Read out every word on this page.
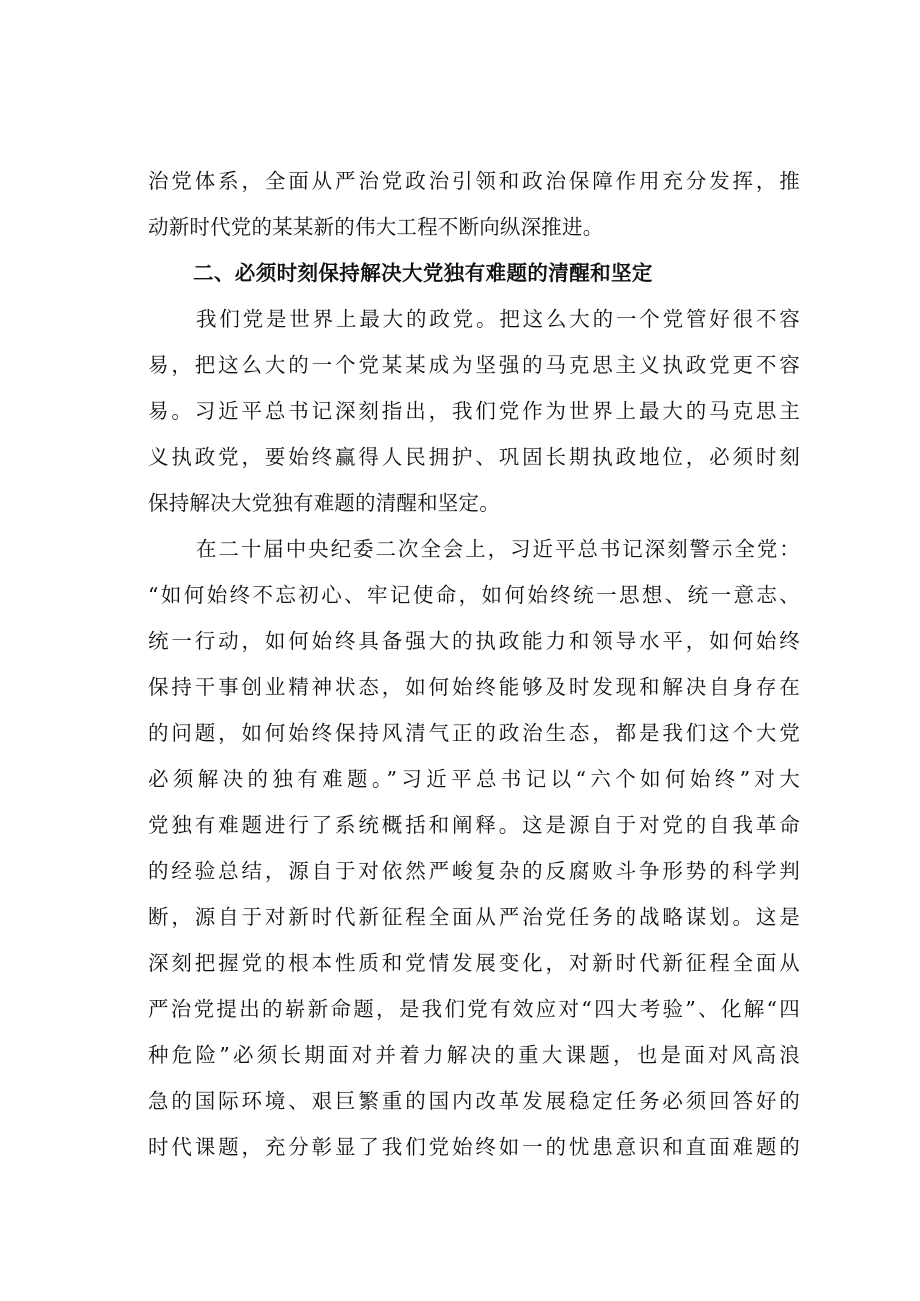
治党体系，全面从严治党政治引领和政治保障作用充分发挥，推
动新时代党的某某新的伟大工程不断向纵深推进。
二、必须时刻保持解决大党独有难题的清醒和坚定
我们党是世界上最大的政党。把这么大的一个党管好很不容
易，把这么大的一个党某某成为坚强的马克思主义执政党更不容
易。习近平总书记深刻指出，我们党作为世界上最大的马克思主
义执政党，要始终赢得人民拥护、巩固长期执政地位，必须时刻
保持解决大党独有难题的清醒和坚定。
在二十届中央纪委二次全会上，习近平总书记深刻警示全党：
“如何始终不忘初心、牢记使命，如何始终统一思想、统一意志、
统一行动，如何始终具备强大的执政能力和领导水平，如何始终
保持干事创业精神状态，如何始终能够及时发现和解决自身存在
的问题，如何始终保持风清气正的政治生态，都是我们这个大党
必须解决的独有难题。”习近平总书记以“六个如何始终”对大
党独有难题进行了系统概括和阐释。这是源自于对党的自我革命
的经验总结，源自于对依然严峻复杂的反腐败斗争形势的科学判
断，源自于对新时代新征程全面从严治党任务的战略谋划。这是
深刻把握党的根本性质和党情发展变化，对新时代新征程全面从
严治党提出的崭新命题，是我们党有效应对“四大考验”、化解“四
种危险”必须长期面对并着力解决的重大课题，也是面对风高浪
急的国际环境、艰巨繁重的国内改革发展稳定任务必须回答好的
时代课题，充分彰显了我们党始终如一的忧患意识和直面难题的
